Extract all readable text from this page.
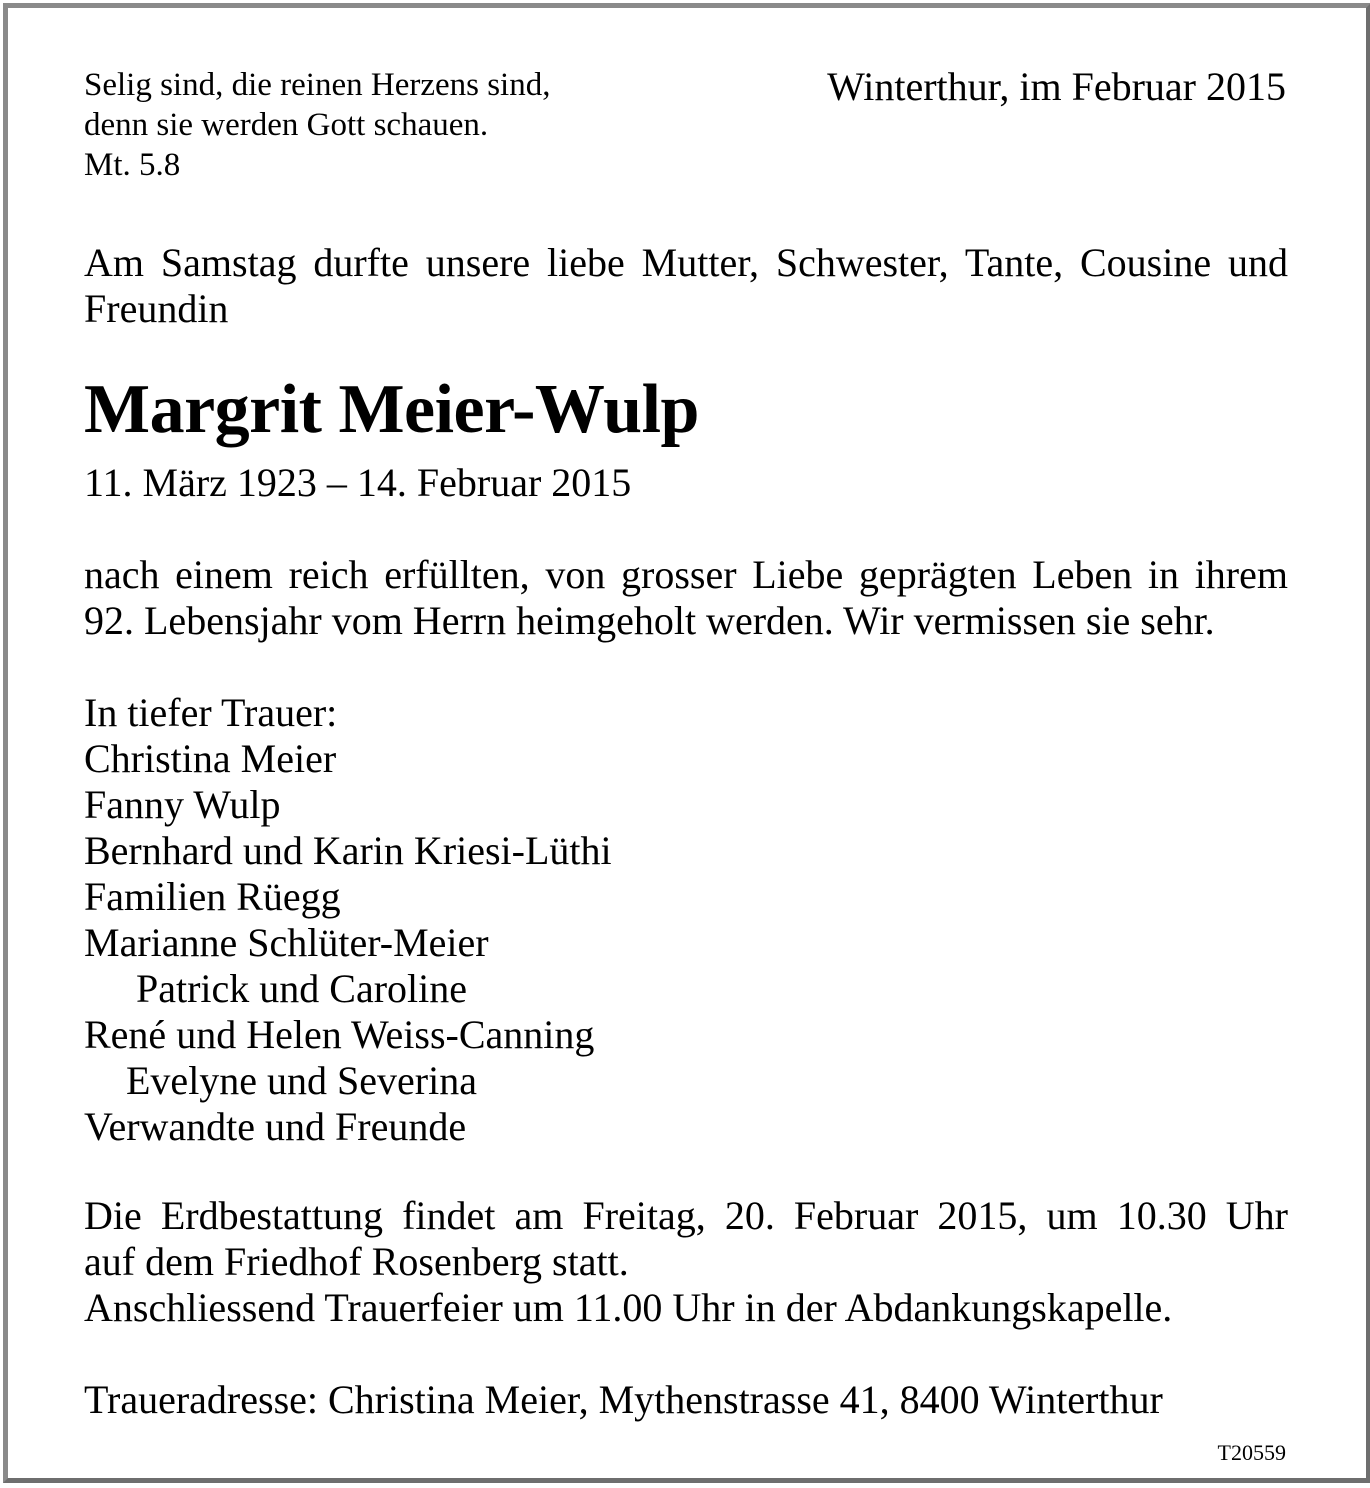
Selig sind, die reinen Herzens sind,
denn sie werden Gott schauen.
Mt. 5.8
Winterthur, im Februar 2015
Am Samstag durfte unsere liebe Mutter, Schwester, Tante, Cousine und
Freundin
Margrit Meier-Wulp
11. März 1923 – 14. Februar 2015
nach einem reich erfüllten, von grosser Liebe geprägten Leben in ihrem
92. Lebensjahr vom Herrn heimgeholt werden. Wir vermissen sie sehr.
In tiefer Trauer:
Christina Meier
Fanny Wulp
Bernhard und Karin Kriesi-Lüthi
Familien Rüegg
Marianne Schlüter-Meier
Patrick und Caroline
René und Helen Weiss-Canning
Evelyne und Severina
Verwandte und Freunde
Die Erdbestattung findet am Freitag, 20. Februar 2015, um 10.30 Uhr
auf dem Friedhof Rosenberg statt.
Anschliessend Trauerfeier um 11.00 Uhr in der Abdankungskapelle.
Traueradresse: Christina Meier, Mythenstrasse 41, 8400 Winterthur
T20559
